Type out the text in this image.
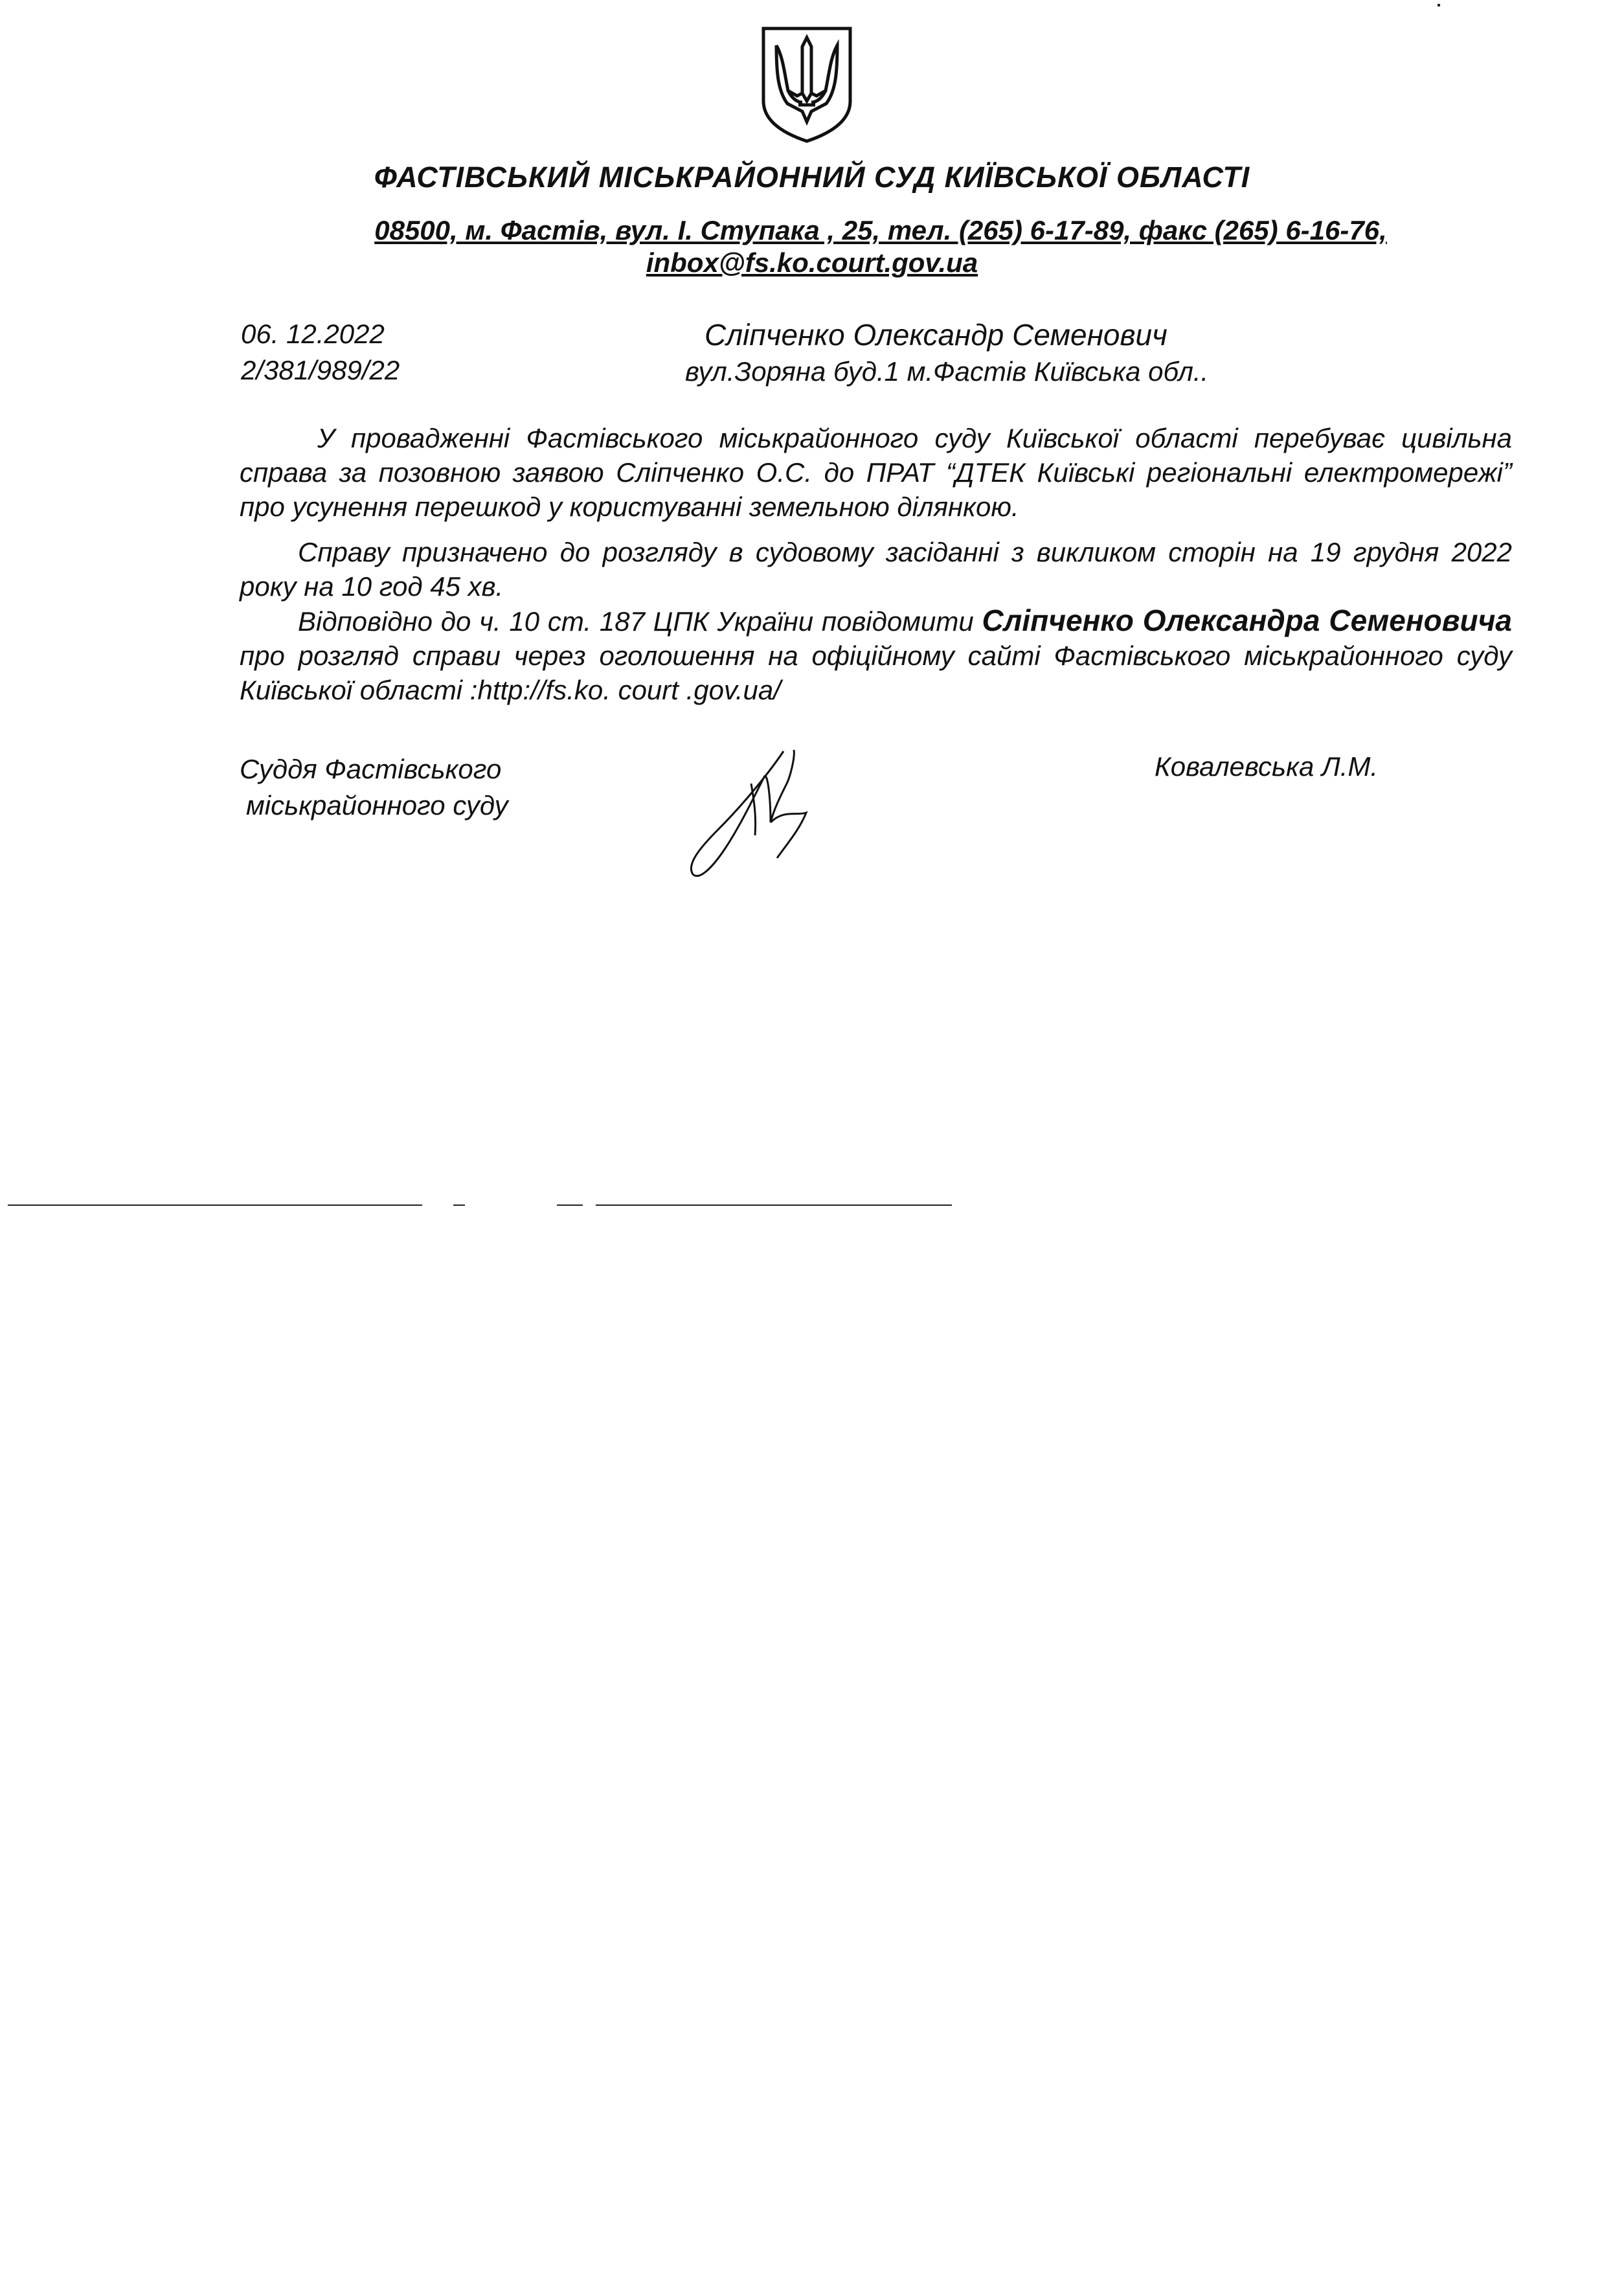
ФАСТІВСЬКИЙ МІСЬКРАЙОННИЙ СУД КИЇВСЬКОЇ ОБЛАСТІ
08500, м. Фастів, вул. І. Ступака , 25, тел. (265) 6-17-89, факс (265) 6-16-76,
inbox@fs.ko.court.gov.ua
06. 12.2022
2/381/989/22
Сліпченко Олександр Семенович
вул.Зоряна буд.1 м.Фастів Київська обл..
У провадженні Фастівського міськрайонного суду Київської області перебуває цивільна справа за позовною заявою Сліпченко О.С. до ПРАТ “ДТЕК Київські регіональні електромережі” про усунення перешкод у користуванні земельною ділянкою.
Справу призначено до розгляду в судовому засіданні з викликом сторін на 19 грудня 2022 року на 10 год 45 хв.
Відповідно до ч. 10 ст. 187 ЦПК України повідомити Сліпченко Олександра Семеновича про розгляд справи через оголошення на офіційному сайті Фастівського міськрайонного суду Київської області :http://fs.ko. court .gov.ua/
Суддя Фастівського
міськрайонного суду
Ковалевська Л.М.
